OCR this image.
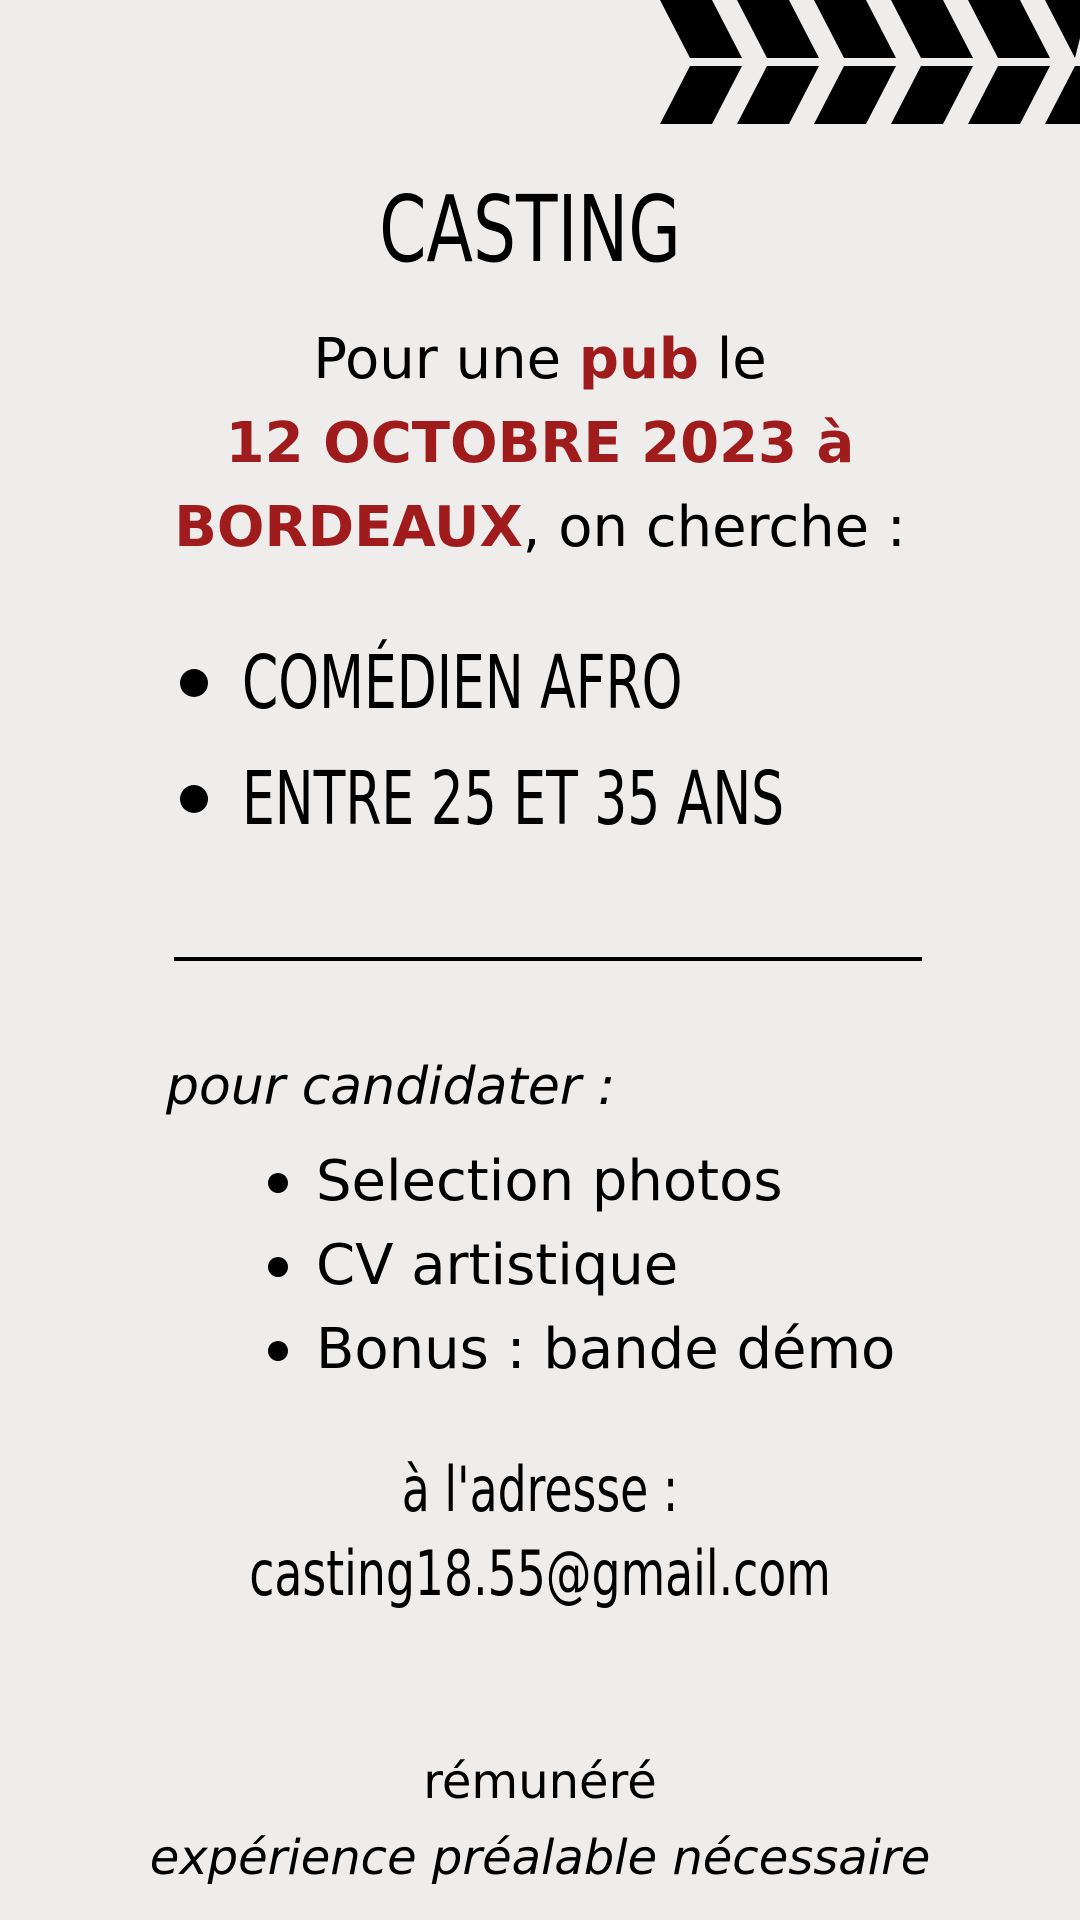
CASTING
Pour une pub le
12 OCTOBRE 2023 à
BORDEAUX, on cherche :
COMÉDIEN AFRO
ENTRE 25 ET 35 ANS
pour candidater :
Selection photos
CV artistique
Bonus : bande démo
à l'adresse :
casting18.55@gmail.com
rémunéré
expérience préalable nécessaire
